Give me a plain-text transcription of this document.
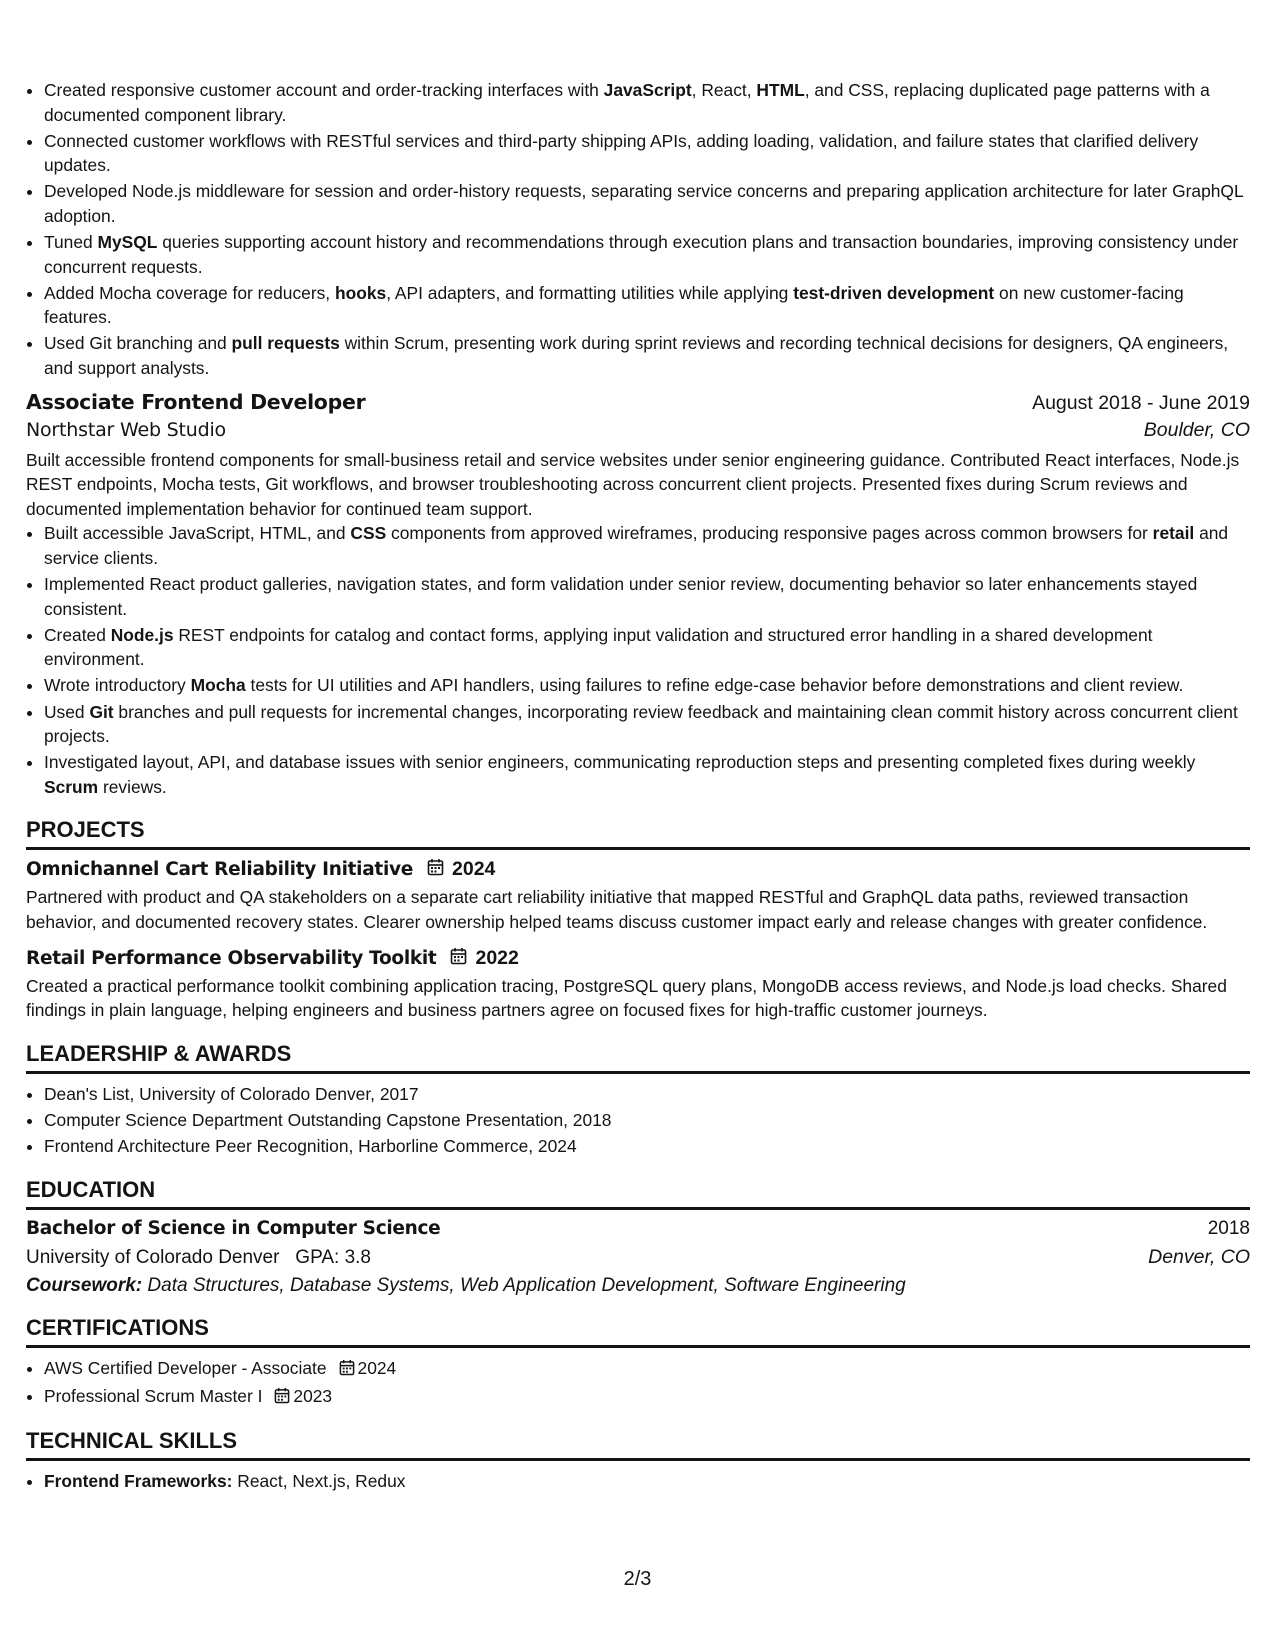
• Created responsive customer account and order-tracking interfaces with JavaScript, React, HTML, and CSS, replacing duplicated page patterns with a documented component library.
• Connected customer workflows with RESTful services and third-party shipping APIs, adding loading, validation, and failure states that clarified delivery updates.
• Developed Node.js middleware for session and order-history requests, separating service concerns and preparing application architecture for later GraphQL adoption.
• Tuned MySQL queries supporting account history and recommendations through execution plans and transaction boundaries, improving consistency under concurrent requests.
• Added Mocha coverage for reducers, hooks, API adapters, and formatting utilities while applying test-driven development on new customer-facing features.
• Used Git branching and pull requests within Scrum, presenting work during sprint reviews and recording technical decisions for designers, QA engineers, and support analysts.
Associate Frontend Developer	August 2018 - June 2019
Northstar Web Studio	Boulder, CO

Built accessible frontend components for small-business retail and service websites under senior engineering guidance. Contributed React interfaces, Node.js REST endpoints, Mocha tests, Git workflows, and browser troubleshooting across concurrent client projects. Presented fixes during Scrum reviews and documented implementation behavior for continued team support.

• Built accessible JavaScript, HTML, and CSS components from approved wireframes, producing responsive pages across common browsers for retail and service clients.
• Implemented React product galleries, navigation states, and form validation under senior review, documenting behavior so later enhancements stayed consistent.
• Created Node.js REST endpoints for catalog and contact forms, applying input validation and structured error handling in a shared development environment.
• Wrote introductory Mocha tests for UI utilities and API handlers, using failures to refine edge-case behavior before demonstrations and client review.
• Used Git branches and pull requests for incremental changes, incorporating review feedback and maintaining clean commit history across concurrent client projects.
• Investigated layout, API, and database issues with senior engineers, communicating reproduction steps and presenting completed fixes during weekly Scrum reviews.
PROJECTS
Omnichannel Cart Reliability Initiative 2024

Partnered with product and QA stakeholders on a separate cart reliability initiative that mapped RESTful and GraphQL data paths, reviewed transaction behavior, and documented recovery states. Clearer ownership helped teams discuss customer impact early and release changes with greater confidence.

Retail Performance Observability Toolkit 2022

Created a practical performance toolkit combining application tracing, PostgreSQL query plans, MongoDB access reviews, and Node.js load checks. Shared findings in plain language, helping engineers and business partners agree on focused fixes for high-traffic customer journeys.

LEADERSHIP & AWARDS
• Dean's List, University of Colorado Denver, 2017
• Computer Science Department Outstanding Capstone Presentation, 2018
• Frontend Architecture Peer Recognition, Harborline Commerce, 2024
EDUCATION
Bachelor of Science in Computer Science	2018
University of Colorado Denver GPA: 3.8	Denver, CO
Coursework: Data Structures, Database Systems, Web Application Development, Software Engineering
CERTIFICATIONS
• AWS Certified Developer - Associate 2024
• Professional Scrum Master I 2023
TECHNICAL SKILLS
• Frontend Frameworks: React, Next.js, Redux
2/3
